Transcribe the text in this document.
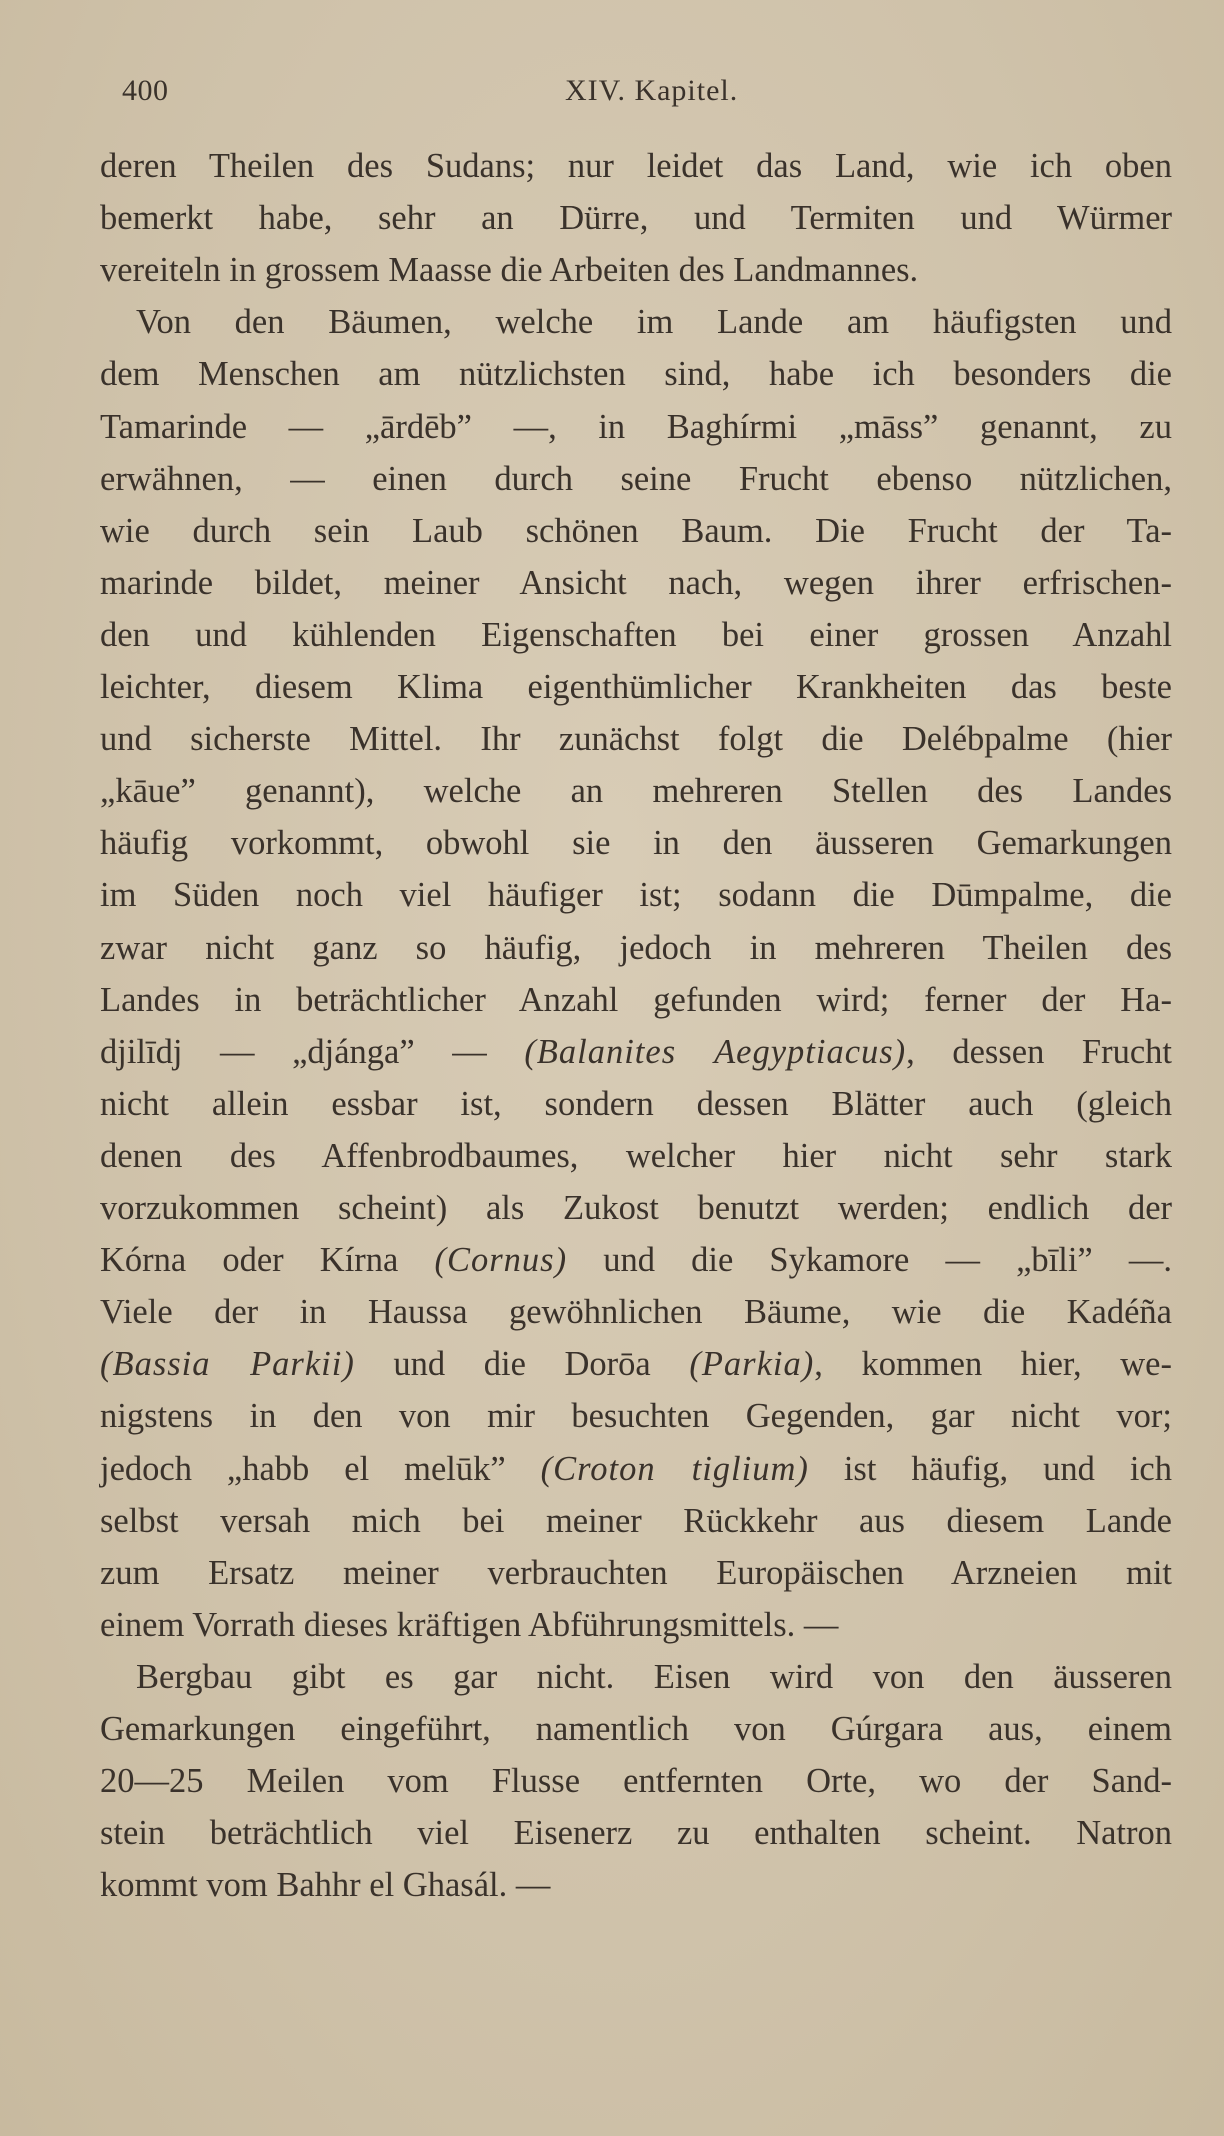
400	XIV. Kapitel.
deren Theilen des Sudans; nur leidet das Land, wie ich oben
bemerkt habe, sehr an Dürre, und Termiten und Würmer
vereiteln in grossem Maasse die Arbeiten des Landmannes.
Von den Bäumen, welche im Lande am häufigsten und
dem Menschen am nützlichsten sind, habe ich besonders die
Tamarinde — „ārdēb” —, in Baghírmi „māss” genannt, zu
erwähnen, — einen durch seine Frucht ebenso nützlichen,
wie durch sein Laub schönen Baum. Die Frucht der Ta-
marinde bildet, meiner Ansicht nach, wegen ihrer erfrischen-
den und kühlenden Eigenschaften bei einer grossen Anzahl
leichter, diesem Klima eigenthümlicher Krankheiten das beste
und sicherste Mittel. Ihr zunächst folgt die Delébpalme (hier
„kāue” genannt), welche an mehreren Stellen des Landes
häufig vorkommt, obwohl sie in den äusseren Gemarkungen
im Süden noch viel häufiger ist; sodann die Dūmpalme, die
zwar nicht ganz so häufig, jedoch in mehreren Theilen des
Landes in beträchtlicher Anzahl gefunden wird; ferner der Ha-
djilīdj — „djánga” — (Balanites Aegyptiacus), dessen Frucht
nicht allein essbar ist, sondern dessen Blätter auch (gleich
denen des Affenbrodbaumes, welcher hier nicht sehr stark
vorzukommen scheint) als Zukost benutzt werden; endlich der
Kórna oder Kírna (Cornus) und die Sykamore — „bīli” —.
Viele der in Haussa gewöhnlichen Bäume, wie die Kadéña
(Bassia Parkii) und die Dorōa (Parkia), kommen hier, we-
nigstens in den von mir besuchten Gegenden, gar nicht vor;
jedoch „habb el melūk” (Croton tiglium) ist häufig, und ich
selbst versah mich bei meiner Rückkehr aus diesem Lande
zum Ersatz meiner verbrauchten Europäischen Arzneien mit
einem Vorrath dieses kräftigen Abführungsmittels. —
Bergbau gibt es gar nicht. Eisen wird von den äusseren
Gemarkungen eingeführt, namentlich von Gúrgara aus, einem
20—25 Meilen vom Flusse entfernten Orte, wo der Sand-
stein beträchtlich viel Eisenerz zu enthalten scheint. Natron
kommt vom Bahhr el Ghasál. —
